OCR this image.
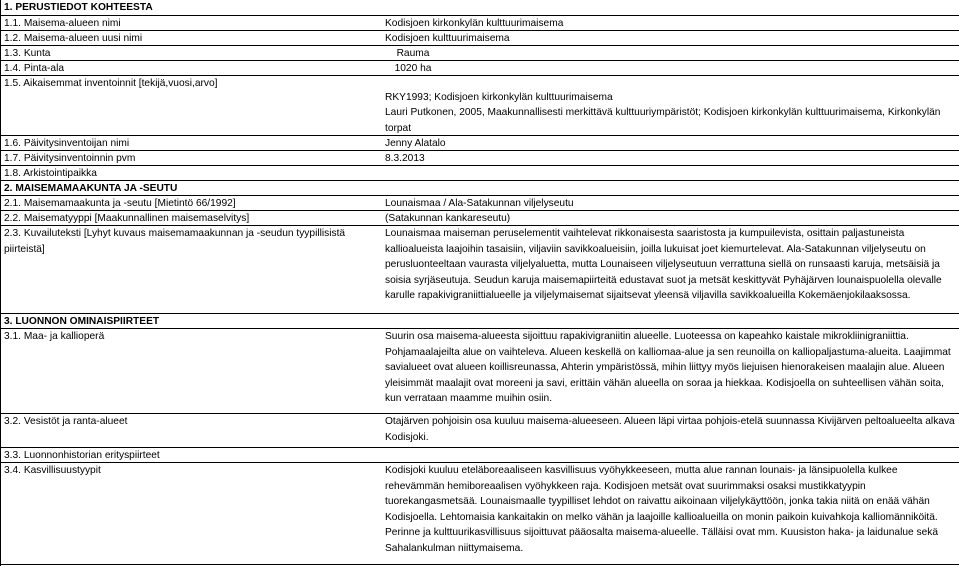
1. PERUSTIEDOT KOHTEESTA
1.1. Maisema-alueen nimi	Kodisjoen kirkonkylän kulttuurimaisema
1.2. Maisema-alueen uusi nimi	Kodisjoen kulttuurimaisema
1.3. Kunta	Rauma
1.4. Pinta-ala	1020 ha
1.5. Aikaisemmat inventoinnit [tekijä,vuosi,arvo]
RKY1993; Kodisjoen kirkonkylän kulttuurimaisema
Lauri Putkonen, 2005, Maakunnallisesti merkittävä kulttuuriympäristöt; Kodisjoen kirkonkylän kulttuurimaisema, Kirkonkylän torpat
1.6. Päivitysinventoijan nimi	Jenny Alatalo
1.7. Päivitysinventoinnin pvm	8.3.2013
1.8. Arkistointipaikka
2. MAISEMAMAAKUNTA JA -SEUTU
2.1. Maisemamaakunta ja -seutu [Mietintö 66/1992]	Lounaismaa / Ala-Satakunnan viljelyseutu
2.2. Maisematyyppi [Maakunnallinen maisemaselvitys]	(Satakunnan kankareseutu)
2.3. Kuvailuteksti [Lyhyt kuvaus maisemamaakunnan ja -seudun tyypillisistä piirteistä]
Lounaismaa maiseman peruselementit vaihtelevat rikkonaisesta saaristosta ja kumpuilevista, osittain paljastuneista kallioalueista laajoihin tasaisiin, viljaviin savikkoalueisiin, joilla lukuisat joet kiemurtelevat. Ala-Satakunnan viljelyseutu on perusluonteeltaan vaurasta viljelyaluetta, mutta Lounaiseen viljelyseutuun verrattuna siellä on runsaasti karuja, metsäisiä ja soisia syrjäseutuja. Seudun karuja maisemapiirteitä edustavat suot ja metsät keskittyvät Pyhäjärven lounaispuolella olevalle karulle rapakivigraniittialueelle ja viljelymaisemat sijaitsevat yleensä viljavilla savikkoalueilla Kokemäenjokilaaksossa.
3. LUONNON OMINAISPIIRTEET
3.1. Maa- ja kallioperä	Suurin osa maisema-alueesta sijoittuu rapakivigraniitin alueelle. Luoteessa on kapeahko kaistale mikrokliinigraniittia. Pohjamaalajeilta alue on vaihteleva. Alueen keskellä on kalliomaa-alue ja sen reunoilla on kalliopaljastuma-alueita. Laajimmat savialueet ovat alueen koillisreunassa, Ahterin ympäristössä, mihin liittyy myös liejuisen hienorakeisen maalajin alue. Alueen yleisimmät maalajit ovat moreeni ja savi, erittäin vähän alueella on soraa ja hiekkaa. Kodisjoella on suhteellisen vähän soita, kun verrataan maamme muihin osiin.
3.2. Vesistöt ja ranta-alueet	Otajärven pohjoisin osa kuuluu maisema-alueeseen. Alueen läpi virtaa pohjois-etelä suunnassa Kivijärven peltoalueelta alkava Kodisjoki.
3.3. Luonnonhistorian erityspiirteet
3.4. Kasvillisuustyypit	Kodisjoki kuuluu eteläboreaaliseen kasvillisuus vyöhykkeeseen, mutta alue rannan lounais- ja länsipuolella kulkee rehevämmän hemiboreaalisen vyöhykkeen raja. Kodisjoen metsät ovat suurimmaksi osaksi mustikkatyypin tuorekangasmetsää. Lounaismaalle tyypilliset lehdot on raivattu aikoinaan viljelykäyttöön, jonka takia niitä on enää vähän Kodisjoella. Lehtomaisia kankaitakin on melko vähän ja laajoille kallioalueilla on monin paikoin kuivahkoja kalliomänniköitä. Perinne ja kulttuurikasvillisuus sijoittuvat pääosalta maisema-alueelle. Tälläisi ovat mm. Kuusiston haka- ja laidunalue sekä Sahalankulman niittymaisema.
